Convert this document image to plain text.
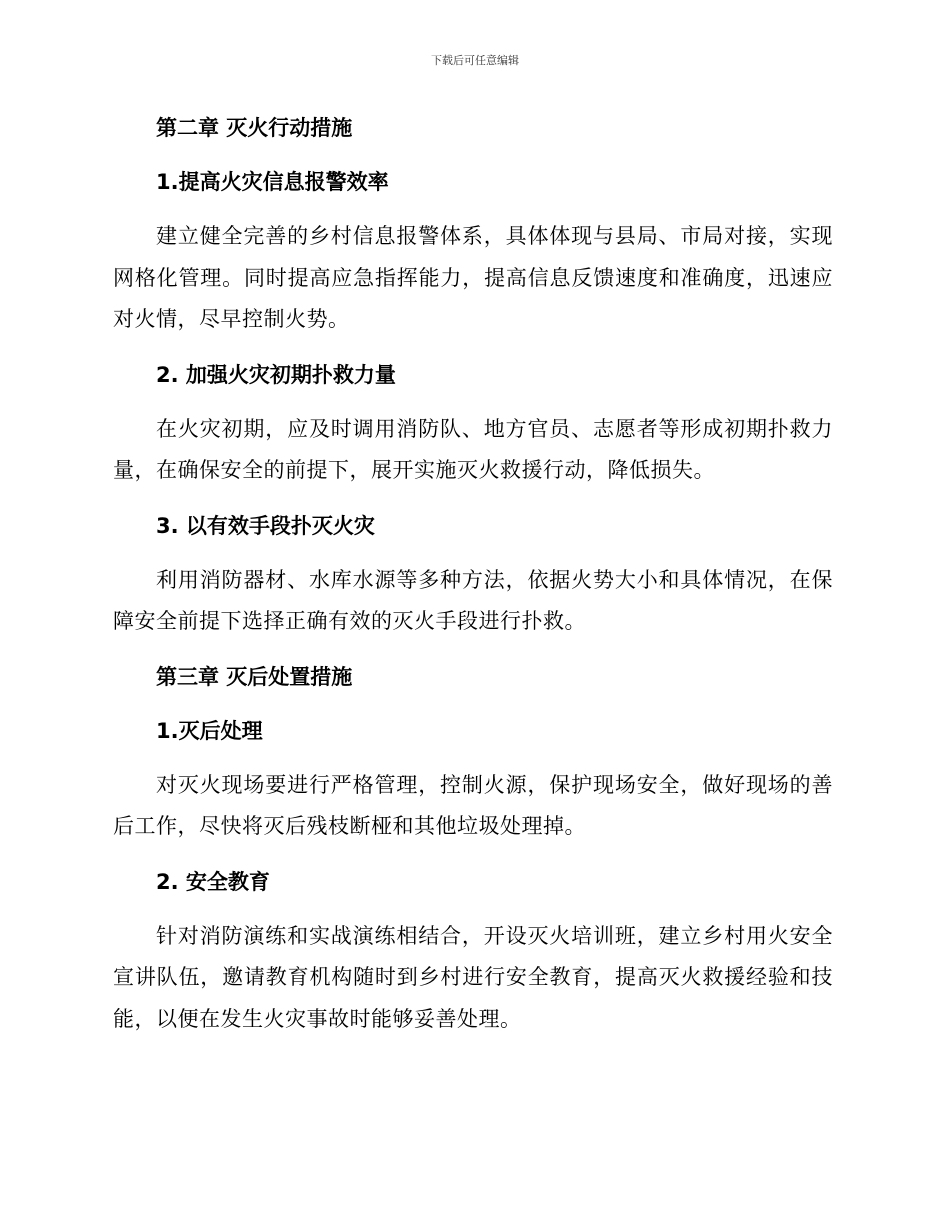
下载后可任意编辑
第二章 灭火行动措施
1.提高火灾信息报警效率

建立健全完善的乡村信息报警体系，具体体现与县局、市局对接，实现网格化管理。同时提高应急指挥能力，提高信息反馈速度和准确度，迅速应对火情，尽早控制火势。

2. 加强火灾初期扑救力量

在火灾初期，应及时调用消防队、地方官员、志愿者等形成初期扑救力量，在确保安全的前提下，展开实施灭火救援行动，降低损失。

3. 以有效手段扑灭火灾

利用消防器材、水库水源等多种方法，依据火势大小和具体情况，在保障安全前提下选择正确有效的灭火手段进行扑救。

第三章 灭后处置措施
1.灭后处理

对灭火现场要进行严格管理，控制火源，保护现场安全，做好现场的善后工作，尽快将灭后残枝断桠和其他垃圾处理掉。

2. 安全教育

针对消防演练和实战演练相结合，开设灭火培训班，建立乡村用火安全宣讲队伍，邀请教育机构随时到乡村进行安全教育，提高灭火救援经验和技能，以便在发生火灾事故时能够妥善处理。
